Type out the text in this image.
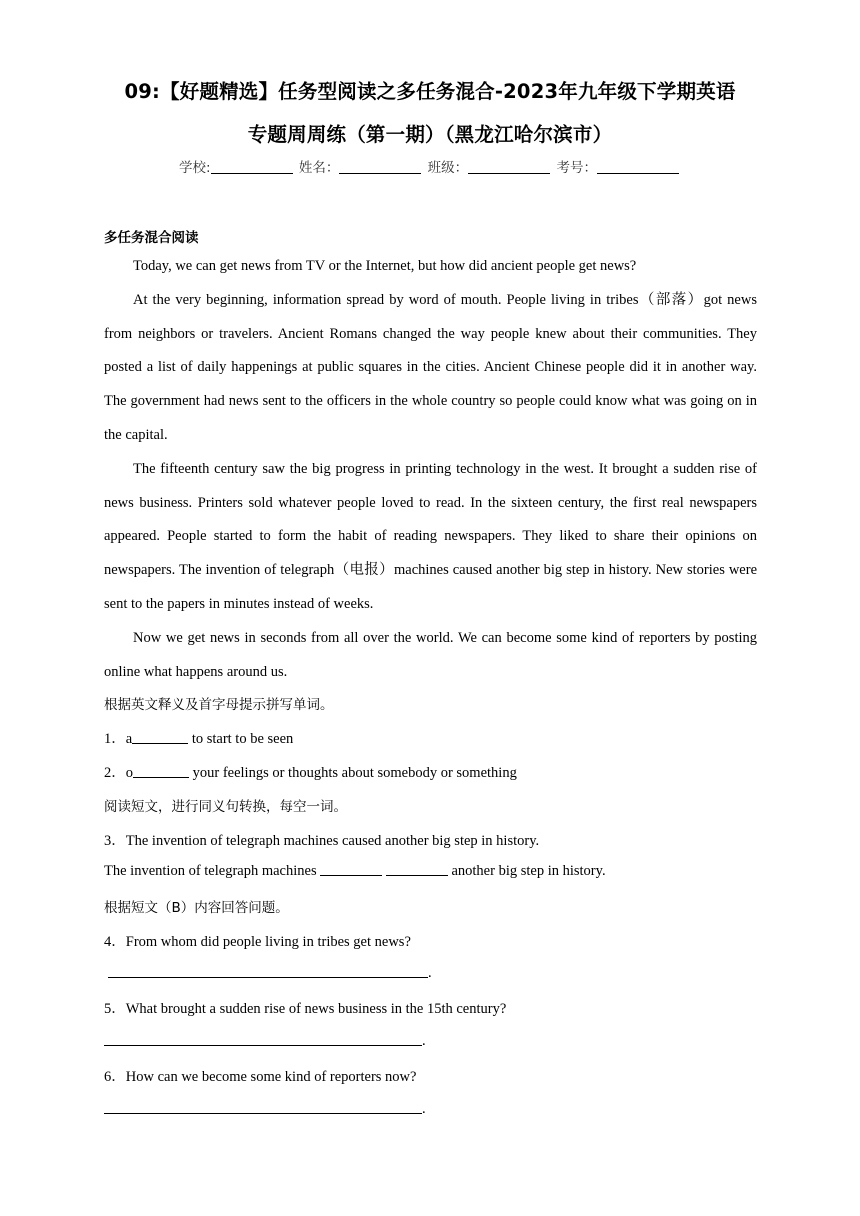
09:【好题精选】任务型阅读之多任务混合-2023年九年级下学期英语
专题周周练（第一期）（黑龙江哈尔滨市）
学校:	姓名：	班级：	考号：
多任务混合阅读

Today, we can get news from TV or the Internet, but how did ancient people get news?

At the very beginning, information spread by word of mouth. People living in tribes（部落）got news from neighbors or travelers. Ancient Romans changed the way people knew about their communities. They posted a list of daily happenings at public squares in the cities. Ancient Chinese people did it in another way. The government had news sent to the officers in the whole country so people could know what was going on in the capital.

The fifteenth century saw the big progress in printing technology in the west. It brought a sudden rise of news business. Printers sold whatever people loved to read. In the sixteen century, the first real newspapers appeared. People started to form the habit of reading newspapers. They liked to share their opinions on newspapers. The invention of telegraph（电报）machines caused another big step in history. New stories were sent to the papers in minutes instead of weeks.

Now we get news in seconds from all over the world. We can become some kind of reporters by posting online what happens around us.

根据英文释义及首字母提示拼写单词。
1．a	to start to be seen
2．o	your feelings or thoughts about somebody or something
阅读短文，进行同义句转换，每空一词。
3．The invention of telegraph machines caused another big step in history.
The invention of telegraph machines	another big step in history.
根据短文（B）内容回答问题。
4．From whom did people living in tribes get news?
.
5．What brought a sudden rise of news business in the 15th century?
.
6．How can we become some kind of reporters now?
.
